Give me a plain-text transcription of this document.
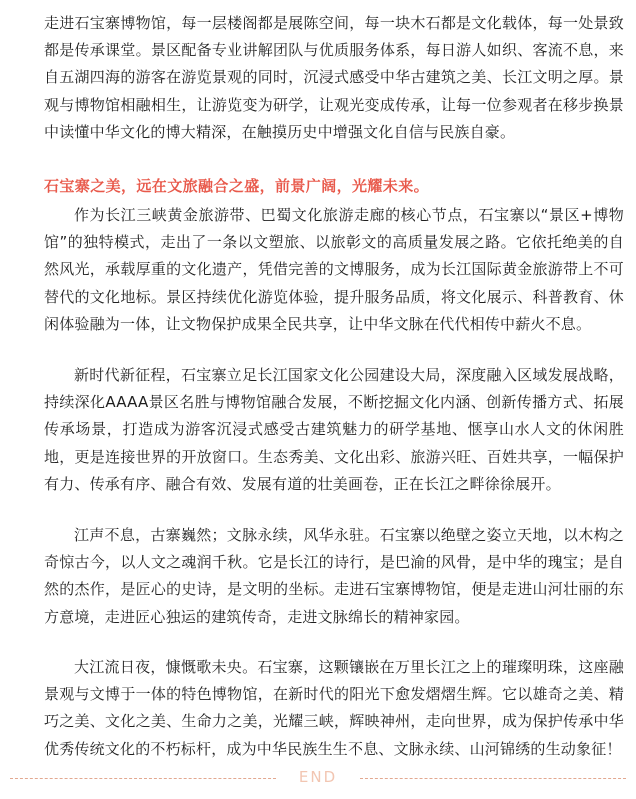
走进石宝寨博物馆，每一层楼阁都是展陈空间，每一块木石都是文化载体，每一处景致都是传承课堂。景区配备专业讲解团队与优质服务体系，每日游人如织、客流不息，来自五湖四海的游客在游览景观的同时，沉浸式感受中华古建筑之美、长江文明之厚。景观与博物馆相融相生，让游览变为研学，让观光变成传承，让每一位参观者在移步换景中读懂中华文化的博大精深，在触摸历史中增强文化自信与民族自豪。

石宝寨之美，远在文旅融合之盛，前景广阔，光耀未来。

作为长江三峡黄金旅游带、巴蜀文化旅游走廊的核心节点，石宝寨以“景区+博物馆”的独特模式，走出了一条以文塑旅、以旅彰文的高质量发展之路。它依托绝美的自然风光，承载厚重的文化遗产，凭借完善的文博服务，成为长江国际黄金旅游带上不可替代的文化地标。景区持续优化游览体验，提升服务品质，将文化展示、科普教育、休闲体验融为一体，让文物保护成果全民共享，让中华文脉在代代相传中薪火不息。

新时代新征程，石宝寨立足长江国家文化公园建设大局，深度融入区域发展战略，持续深化AAAA景区名胜与博物馆融合发展，不断挖掘文化内涵、创新传播方式、拓展传承场景，打造成为游客沉浸式感受古建筑魅力的研学基地、惬享山水人文的休闲胜地，更是连接世界的开放窗口。生态秀美、文化出彩、旅游兴旺、百姓共享，一幅保护有力、传承有序、融合有效、发展有道的壮美画卷，正在长江之畔徐徐展开。

江声不息，古寨巍然；文脉永续，风华永驻。石宝寨以绝壁之姿立天地，以木构之奇惊古今，以人文之魂润千秋。它是长江的诗行，是巴渝的风骨，是中华的瑰宝；是自然的杰作，是匠心的史诗，是文明的坐标。走进石宝寨博物馆，便是走进山河壮丽的东方意境，走进匠心独运的建筑传奇，走进文脉绵长的精神家园。

大江流日夜，慷慨歌未央。石宝寨，这颗镶嵌在万里长江之上的璀璨明珠，这座融景观与文博于一体的特色博物馆，在新时代的阳光下愈发熠熠生辉。它以雄奇之美、精巧之美、文化之美、生命力之美，光耀三峡，辉映神州，走向世界，成为保护传承中华优秀传统文化的不朽标杆，成为中华民族生生不息、文脉永续、山河锦绣的生动象征！

END
